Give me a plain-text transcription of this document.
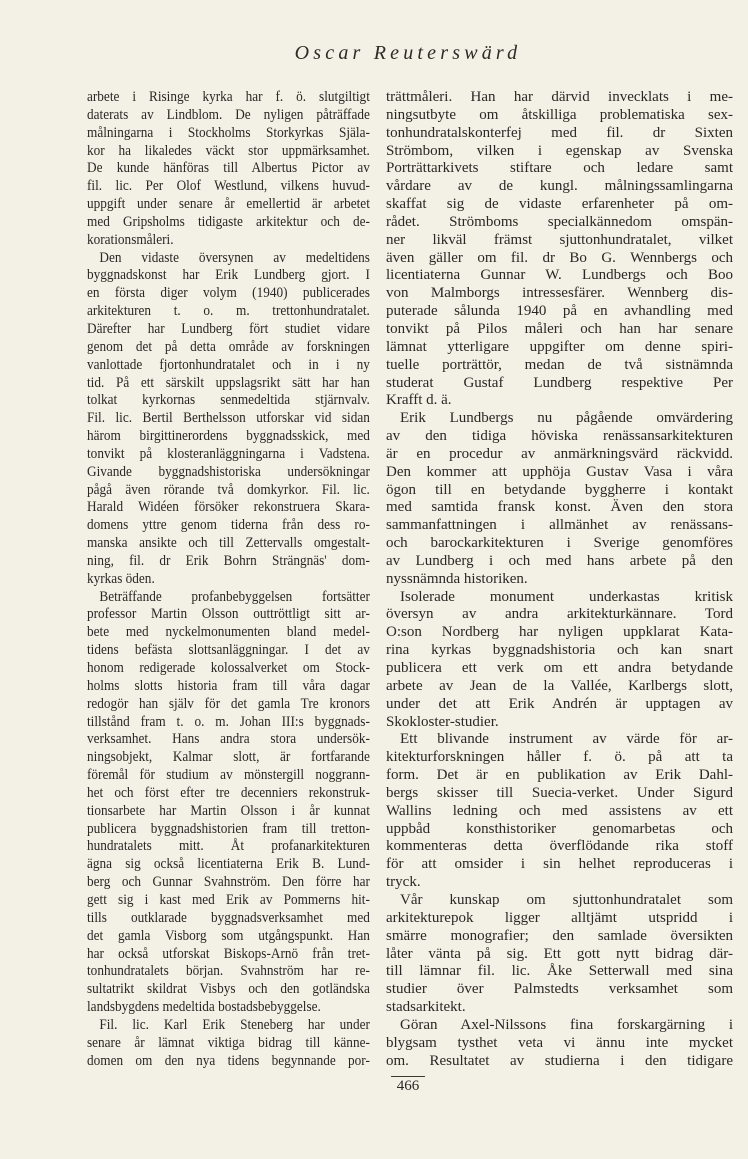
Oscar Reuterswärd
arbete i Risinge kyrka har f. ö. slutgiltigt
daterats av Lindblom. De nyligen påträffade
målningarna i Stockholms Storkyrkas Själa-
kor ha likaledes väckt stor uppmärksamhet.
De kunde hänföras till Albertus Pictor av
fil. lic. Per Olof Westlund, vilkens huvud-
uppgift under senare år emellertid är arbetet
med Gripsholms tidigaste arkitektur och de-
korationsmåleri.
Den vidaste översynen av medeltidens
byggnadskonst har Erik Lundberg gjort. I
en första diger volym (1940) publicerades
arkitekturen t. o. m. trettonhundratalet.
Därefter har Lundberg fört studiet vidare
genom det på detta område av forskningen
vanlottade fjortonhundratalet och in i ny
tid. På ett särskilt uppslagsrikt sätt har han
tolkat kyrkornas senmedeltida stjärnvalv.
Fil. lic. Bertil Berthelsson utforskar vid sidan
härom birgittinerordens byggnadsskick, med
tonvikt på klosteranläggningarna i Vadstena.
Givande byggnadshistoriska undersökningar
pågå även rörande två domkyrkor. Fil. lic.
Harald Widéen försöker rekonstruera Skara-
domens yttre genom tiderna från dess ro-
manska ansikte och till Zettervalls omgestalt-
ning, fil. dr Erik Bohrn Strängnäs' dom-
kyrkas öden.
Beträffande profanbebyggelsen fortsätter
professor Martin Olsson outtröttligt sitt ar-
bete med nyckelmonumenten bland medel-
tidens befästa slottsanläggningar. I det av
honom redigerade kolossalverket om Stock-
holms slotts historia fram till våra dagar
redogör han själv för det gamla Tre kronors
tillstånd fram t. o. m. Johan III:s byggnads-
verksamhet. Hans andra stora undersök-
ningsobjekt, Kalmar slott, är fortfarande
föremål för studium av mönstergill noggrann-
het och först efter tre decenniers rekonstruk-
tionsarbete har Martin Olsson i år kunnat
publicera byggnadshistorien fram till tretton-
hundratalets mitt. Åt profanarkitekturen
ägna sig också licentiaterna Erik B. Lund-
berg och Gunnar Svahnström. Den förre har
gett sig i kast med Erik av Pommerns hit-
tills outklarade byggnadsverksamhet med
det gamla Visborg som utgångspunkt. Han
har också utforskat Biskops-Arnö från tret-
tonhundratalets början. Svahnström har re-
sultatrikt skildrat Visbys och den gotländska
landsbygdens medeltida bostadsbebyggelse.
Fil. lic. Karl Erik Steneberg har under
senare år lämnat viktiga bidrag till känne-
domen om den nya tidens begynnande por-
trättmåleri. Han har därvid invecklats i me-
ningsutbyte om åtskilliga problematiska sex-
tonhundratalskonterfej med fil. dr Sixten
Strömbom, vilken i egenskap av Svenska
Porträttarkivets stiftare och ledare samt
vårdare av de kungl. målningssamlingarna
skaffat sig de vidaste erfarenheter på om-
rådet. Strömboms specialkännedom omspän-
ner likväl främst sjuttonhundratalet, vilket
även gäller om fil. dr Bo G. Wennbergs och
licentiaterna Gunnar W. Lundbergs och Boo
von Malmborgs intressesfärer. Wennberg dis-
puterade sålunda 1940 på en avhandling med
tonvikt på Pilos måleri och han har senare
lämnat ytterligare uppgifter om denne spiri-
tuelle porträttör, medan de två sistnämnda
studerat Gustaf Lundberg respektive Per
Krafft d. ä.
Erik Lundbergs nu pågående omvärdering
av den tidiga höviska renässansarkitekturen
är en procedur av anmärkningsvärd räckvidd.
Den kommer att upphöja Gustav Vasa i våra
ögon till en betydande byggherre i kontakt
med samtida fransk konst. Även den stora
sammanfattningen i allmänhet av renässans-
och barockarkitekturen i Sverige genomföres
av Lundberg i och med hans arbete på den
nyssnämnda historiken.
Isolerade monument underkastas kritisk
översyn av andra arkitekturkännare. Tord
O:son Nordberg har nyligen uppklarat Kata-
rina kyrkas byggnadshistoria och kan snart
publicera ett verk om ett andra betydande
arbete av Jean de la Vallée, Karlbergs slott,
under det att Erik Andrén är upptagen av
Skokloster-studier.
Ett blivande instrument av värde för ar-
kitekturforskningen håller f. ö. på att ta
form. Det är en publikation av Erik Dahl-
bergs skisser till Suecia-verket. Under Sigurd
Wallins ledning och med assistens av ett
uppbåd konsthistoriker genomarbetas och
kommenteras detta överflödande rika stoff
för att omsider i sin helhet reproduceras i
tryck.
Vår kunskap om sjuttonhundratalet som
arkitekturepok ligger alltjämt utspridd i
smärre monografier; den samlade översikten
låter vänta på sig. Ett gott nytt bidrag där-
till lämnar fil. lic. Åke Setterwall med sina
studier över Palmstedts verksamhet som
stadsarkitekt.
Göran Axel-Nilssons fina forskargärning i
blygsam tysthet veta vi ännu inte mycket
om. Resultatet av studierna i den tidigare
466
